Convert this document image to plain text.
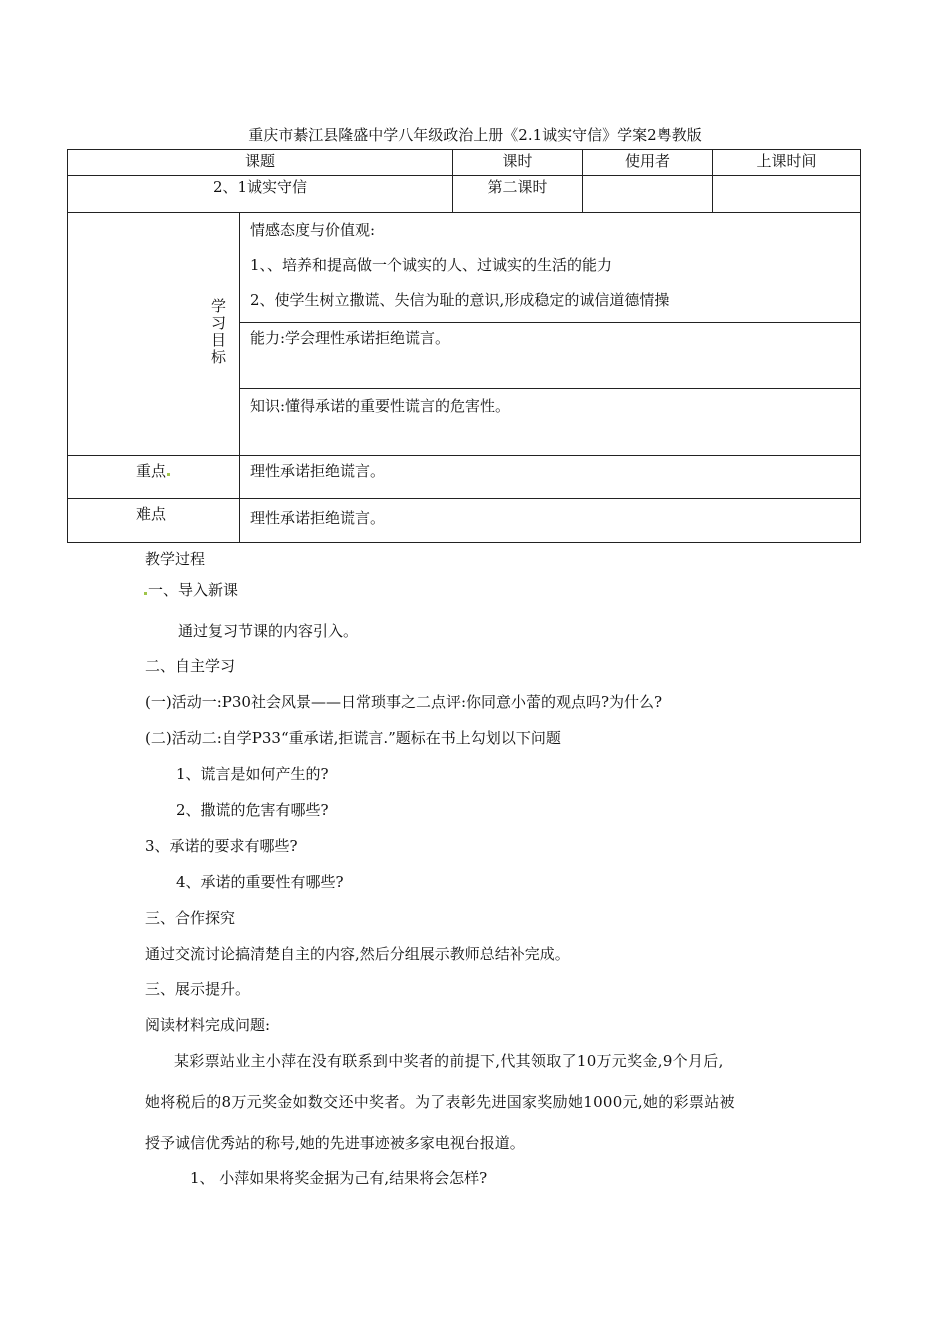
重庆市綦江县隆盛中学八年级政治上册《2.1诚实守信》学案2粤教版
课题		课时	使用者	上课时间
2、1诚实守信		第二课时		
学习目标	情感态度与价值观:
1、、培养和提高做一个诚实的人、过诚实的生活的能力
2、使学生树立撒谎、失信为耻的意识,形成稳定的诚信道德情操			

	能力:学会理性承诺拒绝谎言。			
	知识:懂得承诺的重要性谎言的危害性。			
重点	理性承诺拒绝谎言。			
难点	理性承诺拒绝谎言。			
教学过程
一、导入新课
通过复习节课的内容引入。
二、自主学习
(一)活动一:P30社会风景——日常琐事之二点评:你同意小蕾的观点吗?为什么?
(二)活动二:自学P33“重承诺,拒谎言.”题标在书上勾划以下问题
1、谎言是如何产生的?
2、撒谎的危害有哪些?
3、承诺的要求有哪些?
4、承诺的重要性有哪些?
三、合作探究
通过交流讨论搞清楚自主的内容,然后分组展示教师总结补完成。
三、展示提升。
阅读材料完成问题:
某彩票站业主小萍在没有联系到中奖者的前提下,代其领取了10万元奖金,9个月后,
她将税后的8万元奖金如数交还中奖者。为了表彰先进国家奖励她1000元,她的彩票站被
授予诚信优秀站的称号,她的先进事迹被多家电视台报道。
1、 小萍如果将奖金据为己有,结果将会怎样?
